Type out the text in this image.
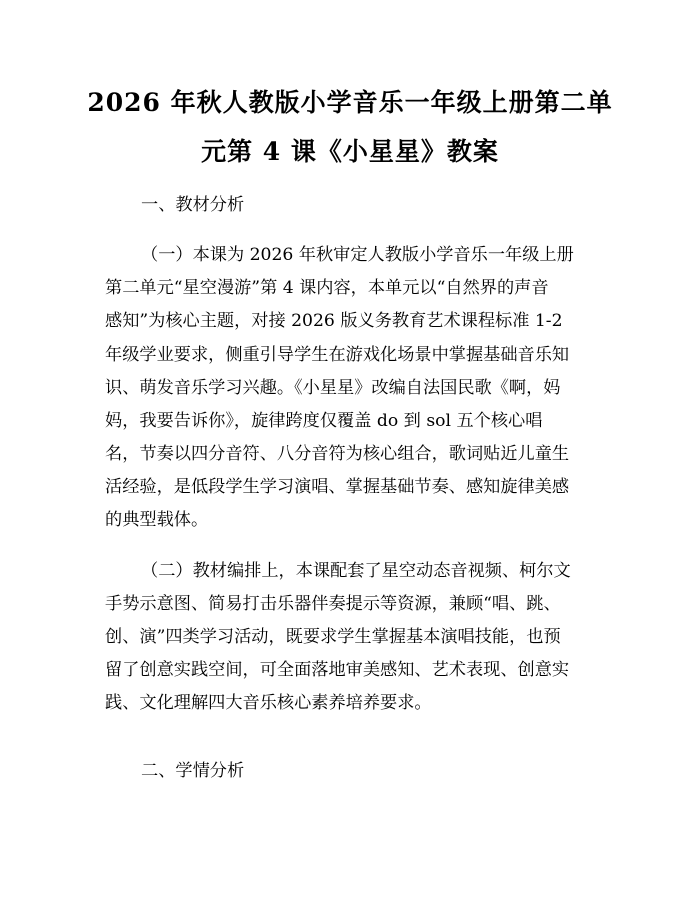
2026 年秋人教版小学音乐一年级上册第二单
元第 4 课《小星星》教案
一、教材分析
（一）本课为 2026 年秋审定人教版小学音乐一年级上册
第二单元“星空漫游”第 4 课内容，本单元以“自然界的声音
感知”为核心主题，对接 2026 版义务教育艺术课程标准 1-2
年级学业要求，侧重引导学生在游戏化场景中掌握基础音乐知
识、萌发音乐学习兴趣。《小星星》改编自法国民歌《啊，妈
妈，我要告诉你》，旋律跨度仅覆盖 do 到 sol 五个核心唱
名，节奏以四分音符、八分音符为核心组合，歌词贴近儿童生
活经验，是低段学生学习演唱、掌握基础节奏、感知旋律美感
的典型载体。
（二）教材编排上，本课配套了星空动态音视频、柯尔文
手势示意图、简易打击乐器伴奏提示等资源，兼顾“唱、跳、
创、演”四类学习活动，既要求学生掌握基本演唱技能，也预
留了创意实践空间，可全面落地审美感知、艺术表现、创意实
践、文化理解四大音乐核心素养培养要求。
二、学情分析
